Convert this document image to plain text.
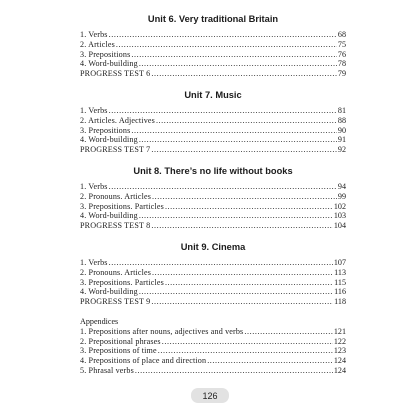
Unit 6. Very traditional Britain
1. Verbs .....	68
2. Articles .....	75
3. Prepositions .....	76
4. Word-building .....	78
PROGRESS TEST 6 .....	79
Unit 7. Music
1. Verbs .....	81
2. Articles. Adjectives .....	88
3. Prepositions .....	90
4. Word-building .....	91
PROGRESS TEST 7 .....	92
Unit 8. There’s no life without books
1. Verbs .....	94
2. Pronouns. Articles .....	99
3. Prepositions. Particles .....	102
4. Word-building .....	103
PROGRESS TEST 8 .....	104
Unit 9. Cinema
1. Verbs .....	107
2. Pronouns. Articles .....	113
3. Prepositions. Particles .....	115
4. Word-building .....	116
PROGRESS TEST 9 .....	118
Appendices
1. Prepositions after nouns, adjectives and verbs .....	121
2. Prepositional phrases .....	122
3. Prepositions of time .....	123
4. Prepositions of place and direction .....	124
5. Phrasal verbs .....	124
126
